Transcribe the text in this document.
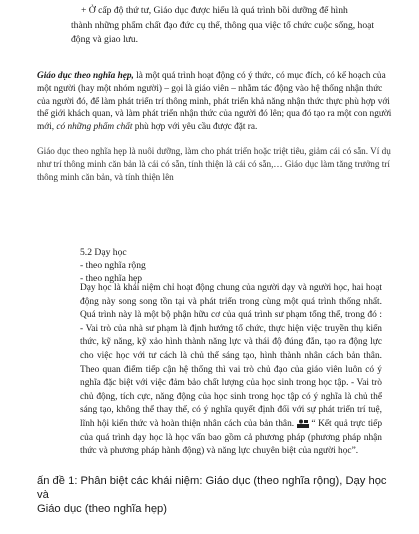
+ Ở cấp độ thứ tư, Giáo dục được hiểu là quá trình bồi dưỡng để hình
thành những phẩm chất đạo đức cụ thể, thông qua việc tổ chức cuộc sống, hoạt động và giao lưu.
Giáo dục theo nghĩa hẹp, là một quá trình hoạt động có ý thức, có mục đích, có kế hoạch của một người (hay một nhóm người) – gọi là giáo viên – nhằm tác động vào hệ thống nhận thức của người đó, để làm phát triển trí thông minh, phát triển khả năng nhận thức thực phù hợp với thế giới khách quan, và làm phát triển nhận thức của người đó lên; qua đó tạo ra một con người mới, có những phẩm chất phù hợp với yêu cầu được đặt ra.
Giáo dục theo nghĩa hẹp là nuôi dưỡng, làm cho phát triển hoặc triệt tiêu, giảm cái có sẵn. Ví dụ như trí thông minh căn bản là cái có sẵn, tính thiện là cái có sẵn,… Giáo dục làm tăng trưởng trí thông minh căn bản, và tính thiện lên
5.2 Dạy học
- theo nghĩa rộng
- theo nghĩa hẹp
Dạy học là khái niệm chỉ hoạt động chung của người dạy và người học, hai hoạt động này song song tồn tại và phát triển trong cùng một quá trình thống nhất. Quá trình này là một bộ phận hữu cơ của quá trình sư phạm tổng thể, trong đó : - Vai trò của nhà sư phạm là định hướng tổ chức, thực hiện việc truyền thụ kiến thức, kỹ năng, kỹ xảo hình thành năng lực và thái độ đúng đắn, tạo ra động lực cho việc học với tư cách là chủ thể sáng tạo, hình thành nhân cách bản thân. Theo quan điểm tiếp cận hệ thống thì vai trò chủ đạo của giáo viên luôn có ý nghĩa đặc biệt với việc đảm bảo chất lượng của học sinh trong học tập. - Vai trò chủ động, tích cực, năng động của học sinh trong học tập có ý nghĩa là chủ thể sáng tạo, không thể thay thế, có ý nghĩa quyết định đối với sự phát triển trí tuệ, lĩnh hội kiến thức và hoàn thiện nhân cách của bản thân. “ Kết quả trực tiếp của quá trình dạy học là học vấn bao gồm cả phương pháp (phương pháp nhận thức và phương pháp hành động) và năng lực chuyên biệt của người học”.
ấn đề 1: Phân biệt các khái niệm: Giáo dục (theo nghĩa rộng), Dạy học và
Giáo dục (theo nghĩa hẹp)
